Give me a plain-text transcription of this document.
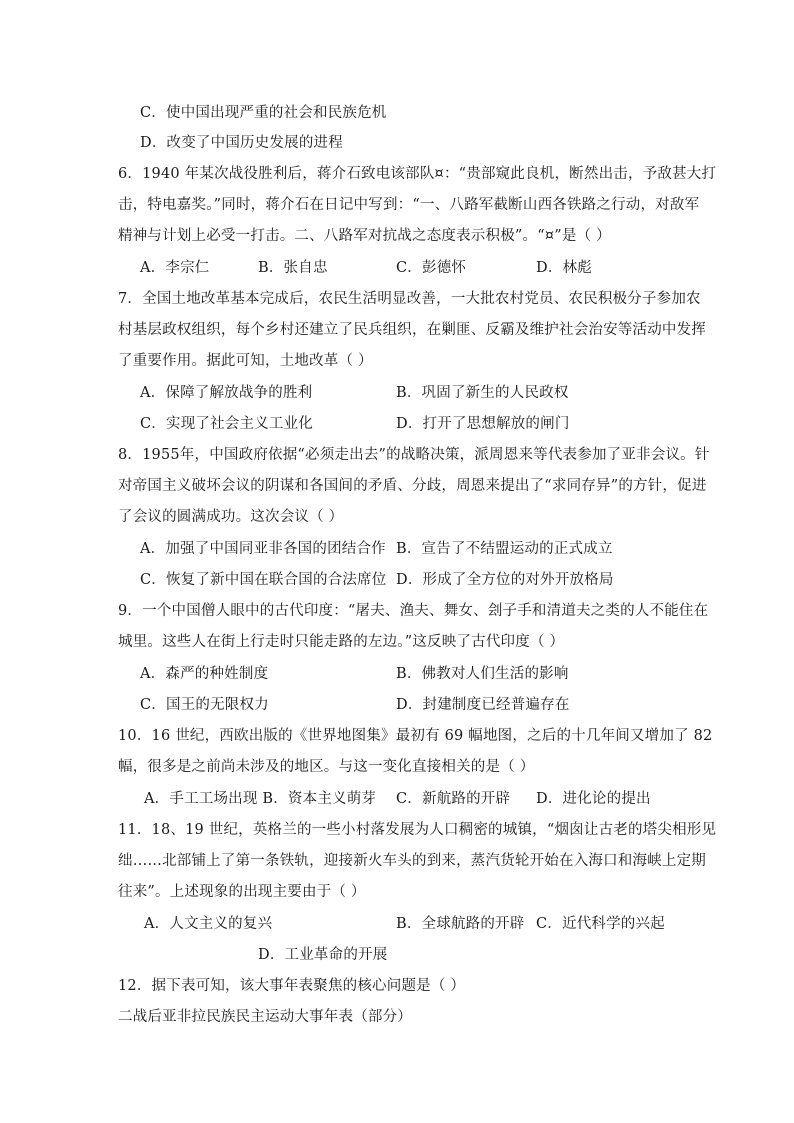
C．使中国出现严重的社会和民族危机
D．改变了中国历史发展的进程
6．1940 年某次战役胜利后，蒋介石致电该部队¤：“贵部窥此良机，断然出击，予敌甚大打
击，特电嘉奖。”同时，蒋介石在日记中写到：“一、八路军截断山西各铁路之行动，对敌军
精神与计划上必受一打击。二、八路军对抗战之态度表示积极”。“¤”是（ ）
A．李宗仁	B．张自忠	C．彭德怀	D．林彪
7．全国土地改革基本完成后，农民生活明显改善，一大批农村党员、农民积极分子参加农
村基层政权组织，每个乡村还建立了民兵组织，在剿匪、反霸及维护社会治安等活动中发挥
了重要作用。据此可知，土地改革（ ）
A．保障了解放战争的胜利	B．巩固了新生的人民政权
C．实现了社会主义工业化	D．打开了思想解放的闸门
8．1955年，中国政府依据“必须走出去”的战略决策，派周恩来等代表参加了亚非会议。针
对帝国主义破坏会议的阴谋和各国间的矛盾、分歧，周恩来提出了“求同存异”的方针，促进
了会议的圆满成功。这次会议（ ）
A．加强了中国同亚非各国的团结合作 B．宣告了不结盟运动的正式成立
C．恢复了新中国在联合国的合法席位 D．形成了全方位的对外开放格局
9．一个中国僧人眼中的古代印度：“屠夫、渔夫、舞女、刽子手和清道夫之类的人不能住在
城里。这些人在街上行走时只能走路的左边。”这反映了古代印度（ ）
A．森严的种姓制度	B．佛教对人们生活的影响
C．国王的无限权力	D．封建制度已经普遍存在
10．16 世纪，西欧出版的《世界地图集》最初有 69 幅地图，之后的十几年间又增加了 82
幅，很多是之前尚未涉及的地区。与这一变化直接相关的是（ ）
A．手工工场出现 B．资本主义萌芽 C．新航路的开辟 D．进化论的提出
11．18、19 世纪，英格兰的一些小村落发展为人口稠密的城镇，“烟囱让古老的塔尖相形见
绌……北部铺上了第一条铁轨，迎接新火车头的到来，蒸汽货轮开始在入海口和海峡上定期
往来”。上述现象的出现主要由于（ ）
A．人文主义的复兴	B．全球航路的开辟 C．近代科学的兴起
D．工业革命的开展
12．据下表可知，该大事年表聚焦的核心问题是（ ）
二战后亚非拉民族民主运动大事年表（部分）
